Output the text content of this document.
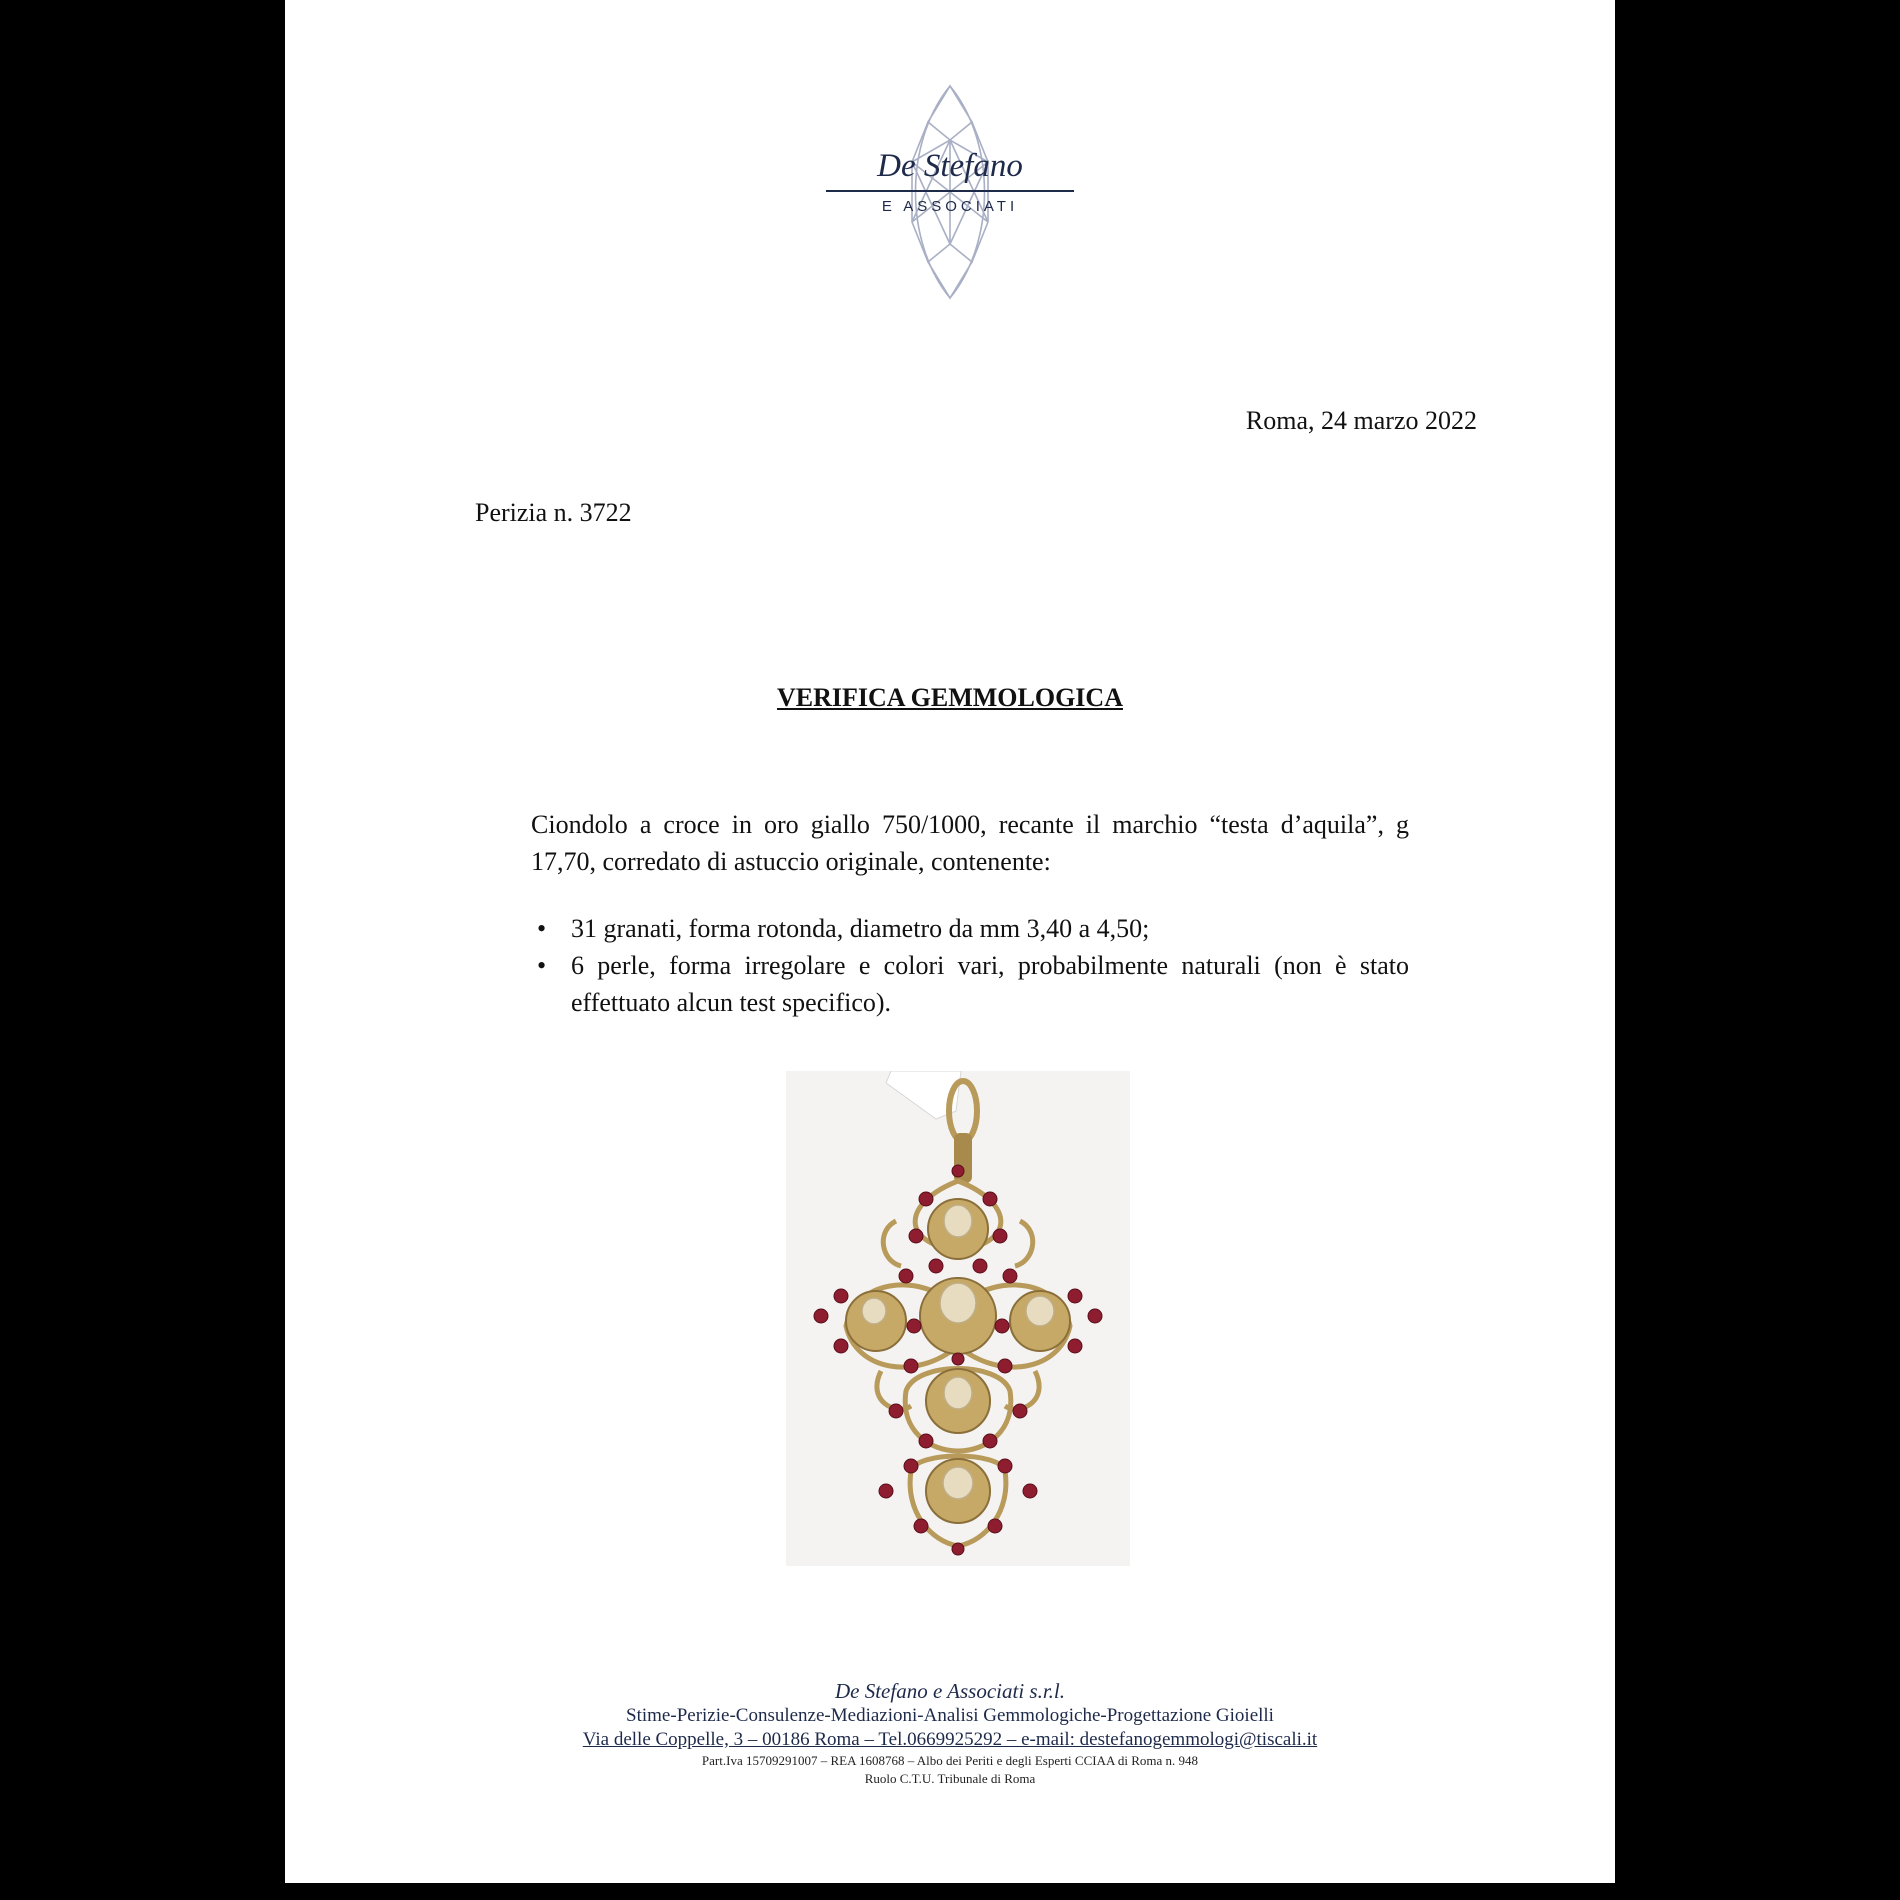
De Stefano
E ASSOCIATI
Roma, 24 marzo 2022
Perizia n. 3722
VERIFICA GEMMOLOGICA

Ciondolo a croce in oro giallo 750/1000, recante il marchio “testa d’aquila”, g 17,70, corredato di astuccio originale, contenente:

• 31 granati, forma rotonda, diametro da mm 3,40 a 4,50;
• 6 perle, forma irregolare e colori vari, probabilmente naturali (non è stato effettuato alcun test specifico).
De Stefano e Associati s.r.l.
Stime-Perizie-Consulenze-Mediazioni-Analisi Gemmologiche-Progettazione Gioielli
Via delle Coppelle, 3 – 00186 Roma – Tel.0669925292 – e-mail: destefanogemmologi@tiscali.it
Part.Iva 15709291007 – REA 1608768 – Albo dei Periti e degli Esperti CCIAA di Roma n. 948
Ruolo C.T.U. Tribunale di Roma
